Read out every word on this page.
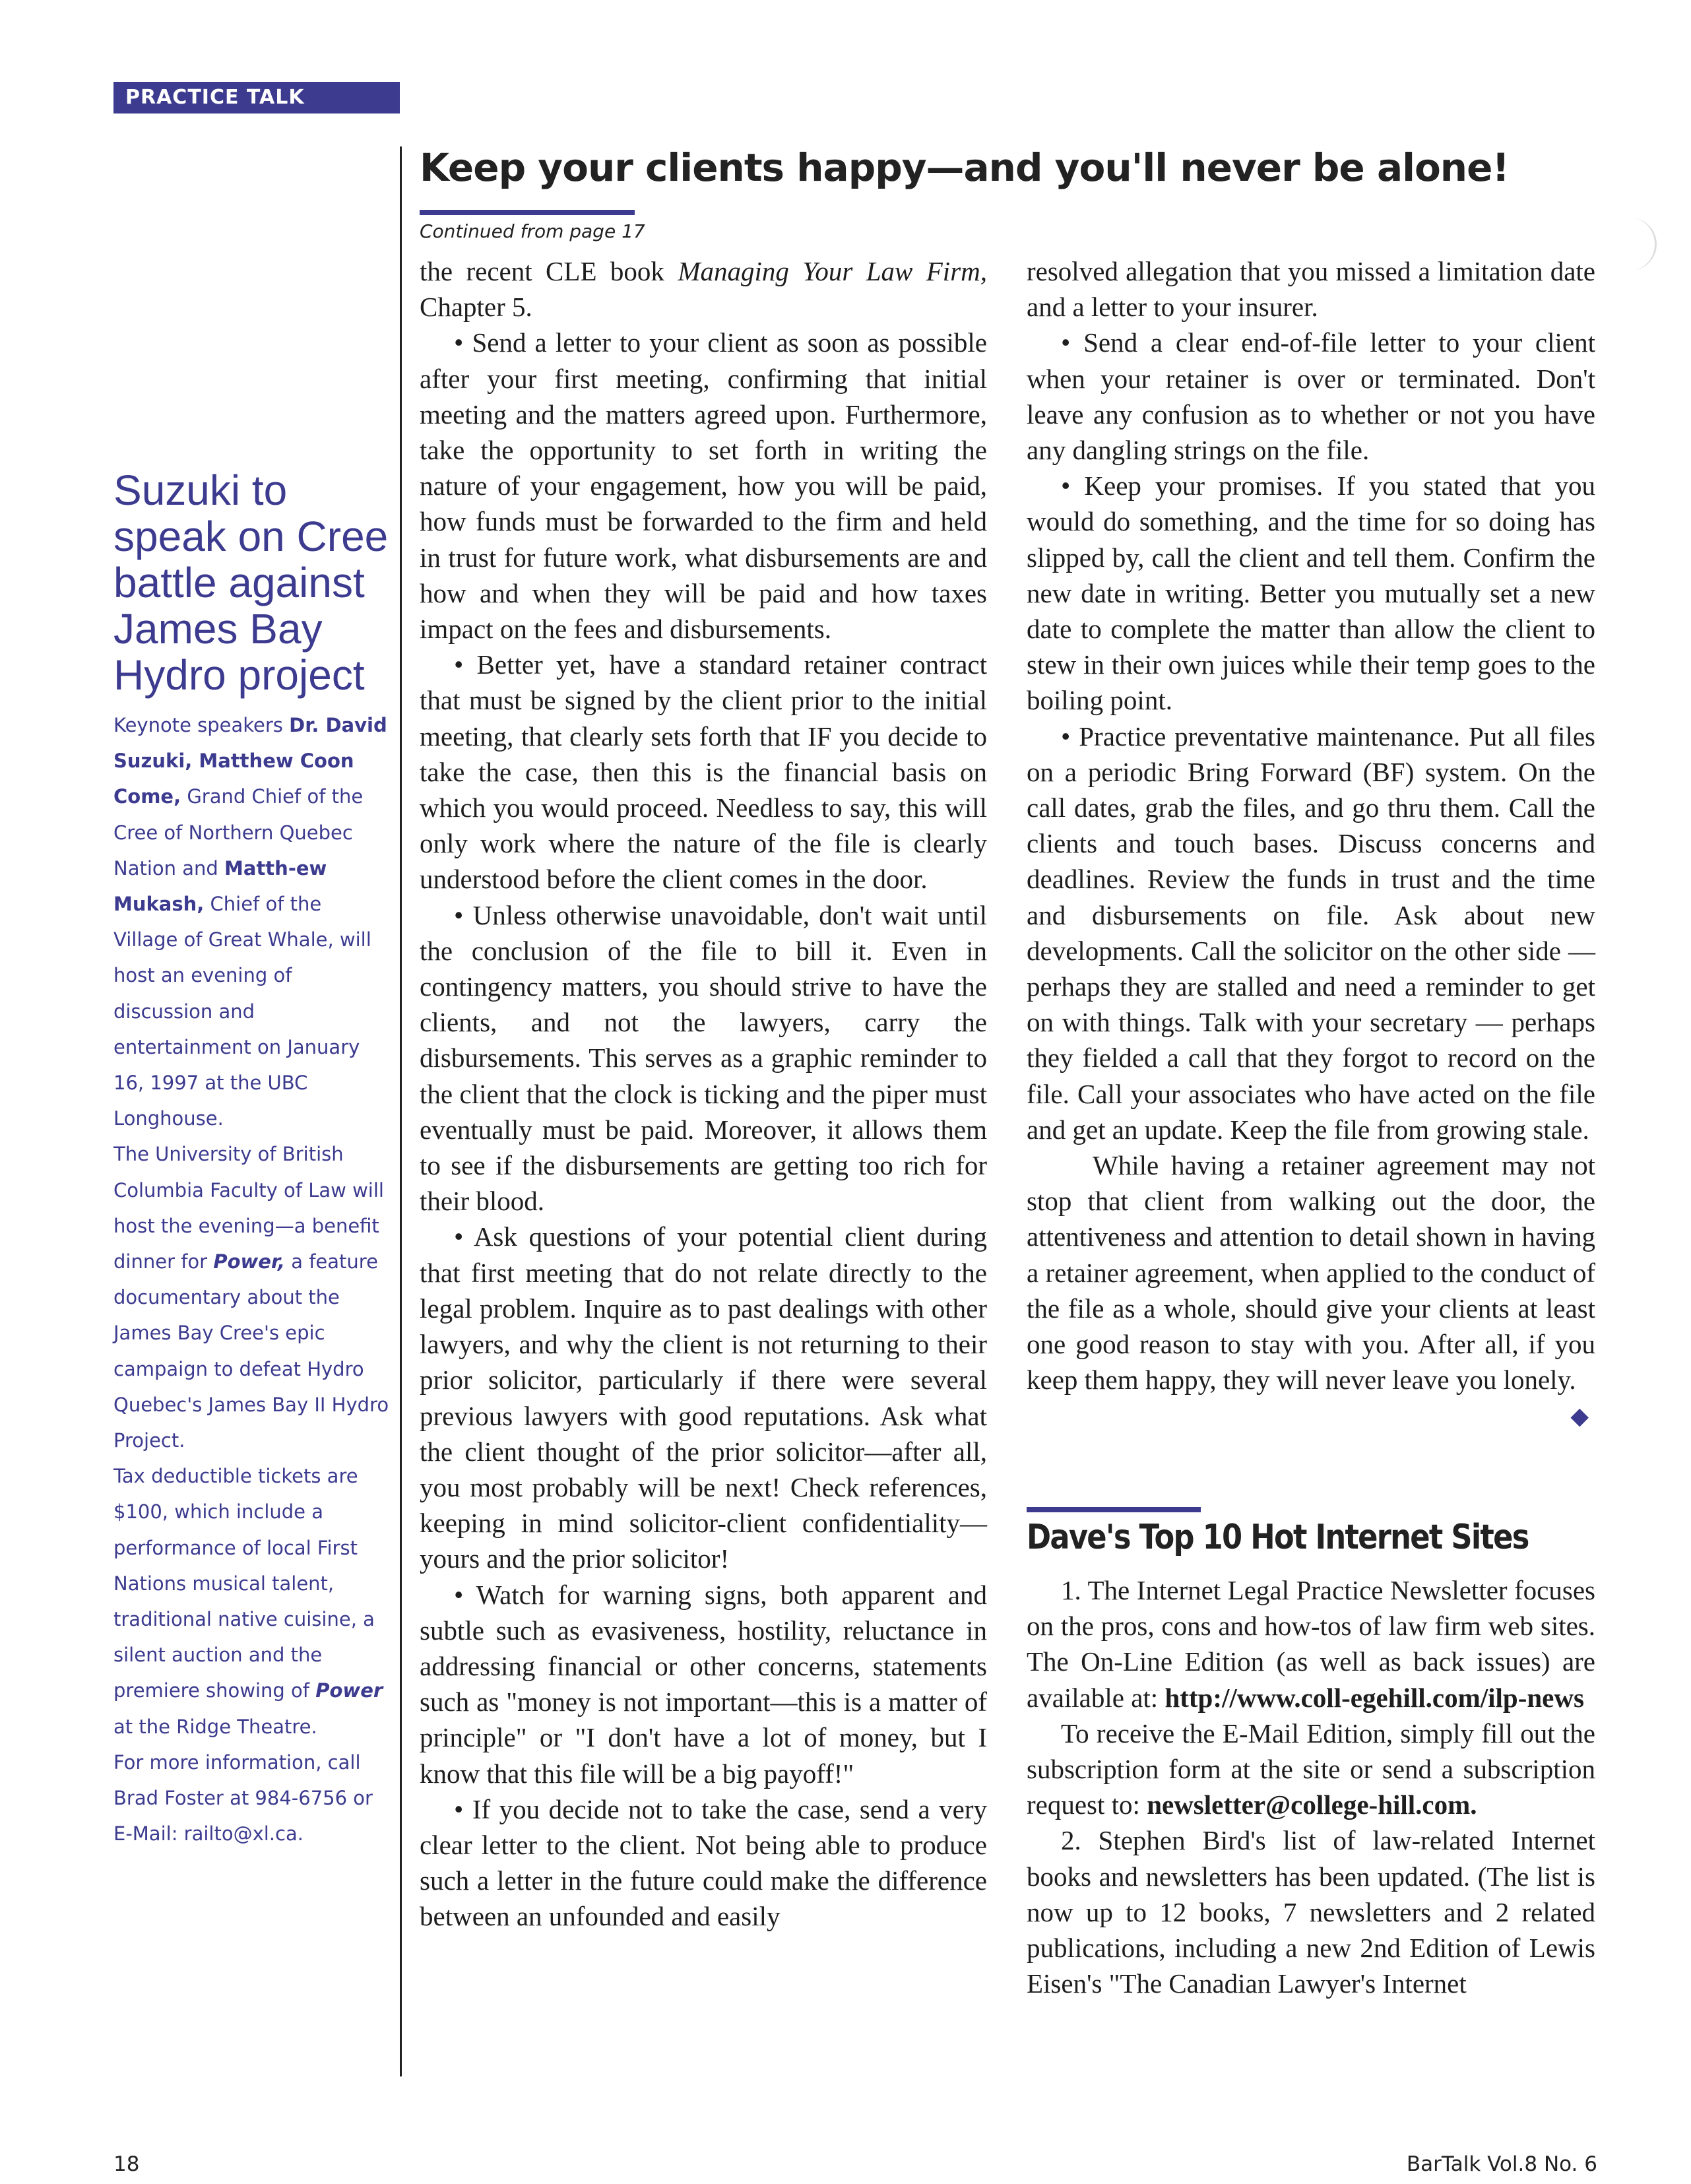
PRACTICE TALK
Keep your clients happy—and you'll never be alone!
Continued from page 17

the recent CLE book Managing Your Law Firm, Chapter 5.

• Send a letter to your client as soon as possible after your first meeting, confirming that initial meeting and the matters agreed upon. Furthermore, take the opportunity to set forth in writing the nature of your engagement, how you will be paid, how funds must be forwarded to the firm and held in trust for future work, what disbursements are and how and when they will be paid and how taxes impact on the fees and disbursements.

• Better yet, have a standard retainer contract that must be signed by the client prior to the initial meeting, that clearly sets forth that IF you decide to take the case, then this is the financial basis on which you would proceed. Needless to say, this will only work where the nature of the file is clearly understood before the client comes in the door.

• Unless otherwise unavoidable, don't wait until the conclusion of the file to bill it. Even in contingency matters, you should strive to have the clients, and not the lawyers, carry the disbursements. This serves as a graphic reminder to the client that the clock is ticking and the piper must eventually must be paid. Moreover, it allows them to see if the disbursements are getting too rich for their blood.

• Ask questions of your potential client during that first meeting that do not relate directly to the legal problem. Inquire as to past dealings with other lawyers, and why the client is not returning to their prior solicitor, particularly if there were several previous lawyers with good reputations. Ask what the client thought of the prior solicitor—after all, you most probably will be next! Check references, keeping in mind solicitor-client confidentiality—yours and the prior solicitor!

• Watch for warning signs, both apparent and subtle such as evasiveness, hostility, reluctance in addressing financial or other concerns, statements such as "money is not important—this is a matter of principle" or "I don't have a lot of money, but I know that this file will be a big payoff!"

• If you decide not to take the case, send a very clear letter to the client. Not being able to produce such a letter in the future could make the difference between an unfounded and easily

resolved allegation that you missed a limitation date and a letter to your insurer.

• Send a clear end-of-file letter to your client when your retainer is over or terminated. Don't leave any confusion as to whether or not you have any dangling strings on the file.

• Keep your promises. If you stated that you would do something, and the time for so doing has slipped by, call the client and tell them. Confirm the new date in writing. Better you mutually set a new date to complete the matter than allow the client to stew in their own juices while their temp goes to the boiling point.

• Practice preventative maintenance. Put all files on a periodic Bring Forward (BF) system. On the call dates, grab the files, and go thru them. Call the clients and touch bases. Discuss concerns and deadlines. Review the funds in trust and the time and disbursements on file. Ask about new developments. Call the solicitor on the other side — perhaps they are stalled and need a reminder to get on with things. Talk with your secretary — perhaps they fielded a call that they forgot to record on the file. Call your associates who have acted on the file and get an update. Keep the file from growing stale.

While having a retainer agreement may not stop that client from walking out the door, the attentiveness and attention to detail shown in having a retainer agreement, when applied to the conduct of the file as a whole, should give your clients at least one good reason to stay with you. After all, if you keep them happy, they will never leave you lonely.
◆

Dave's Top 10 Hot Internet Sites

1. The Internet Legal Practice Newsletter focuses on the pros, cons and how-tos of law firm web sites. The On-Line Edition (as well as back issues) are available at: http://www.coll-egehill.com/ilp-news

To receive the E-Mail Edition, simply fill out the subscription form at the site or send a subscription request to: newsletter@college-hill.com.

2. Stephen Bird's list of law-related Internet books and newsletters has been updated. (The list is now up to 12 books, 7 newsletters and 2 related publications, including a new 2nd Edition of Lewis Eisen's "The Canadian Lawyer's Internet

Suzuki to speak on Cree battle against James Bay Hydro project

Keynote speakers Dr. David Suzuki, Matthew Coon Come, Grand Chief of the Cree of Northern Quebec Nation and Matth-ew Mukash, Chief of the Village of Great Whale, will host an evening of discussion and entertainment on January 16, 1997 at the UBC Longhouse.

The University of British Columbia Faculty of Law will host the evening—a benefit dinner for Power, a feature documentary about the James Bay Cree's epic campaign to defeat Hydro Quebec's James Bay II Hydro Project.

Tax deductible tickets are $100, which include a performance of local First Nations musical talent, traditional native cuisine, a silent auction and the premiere showing of Power at the Ridge Theatre.

For more information, call Brad Foster at 984-6756 or E-Mail: railto@xl.ca.

18	BarTalk Vol.8 No. 6
